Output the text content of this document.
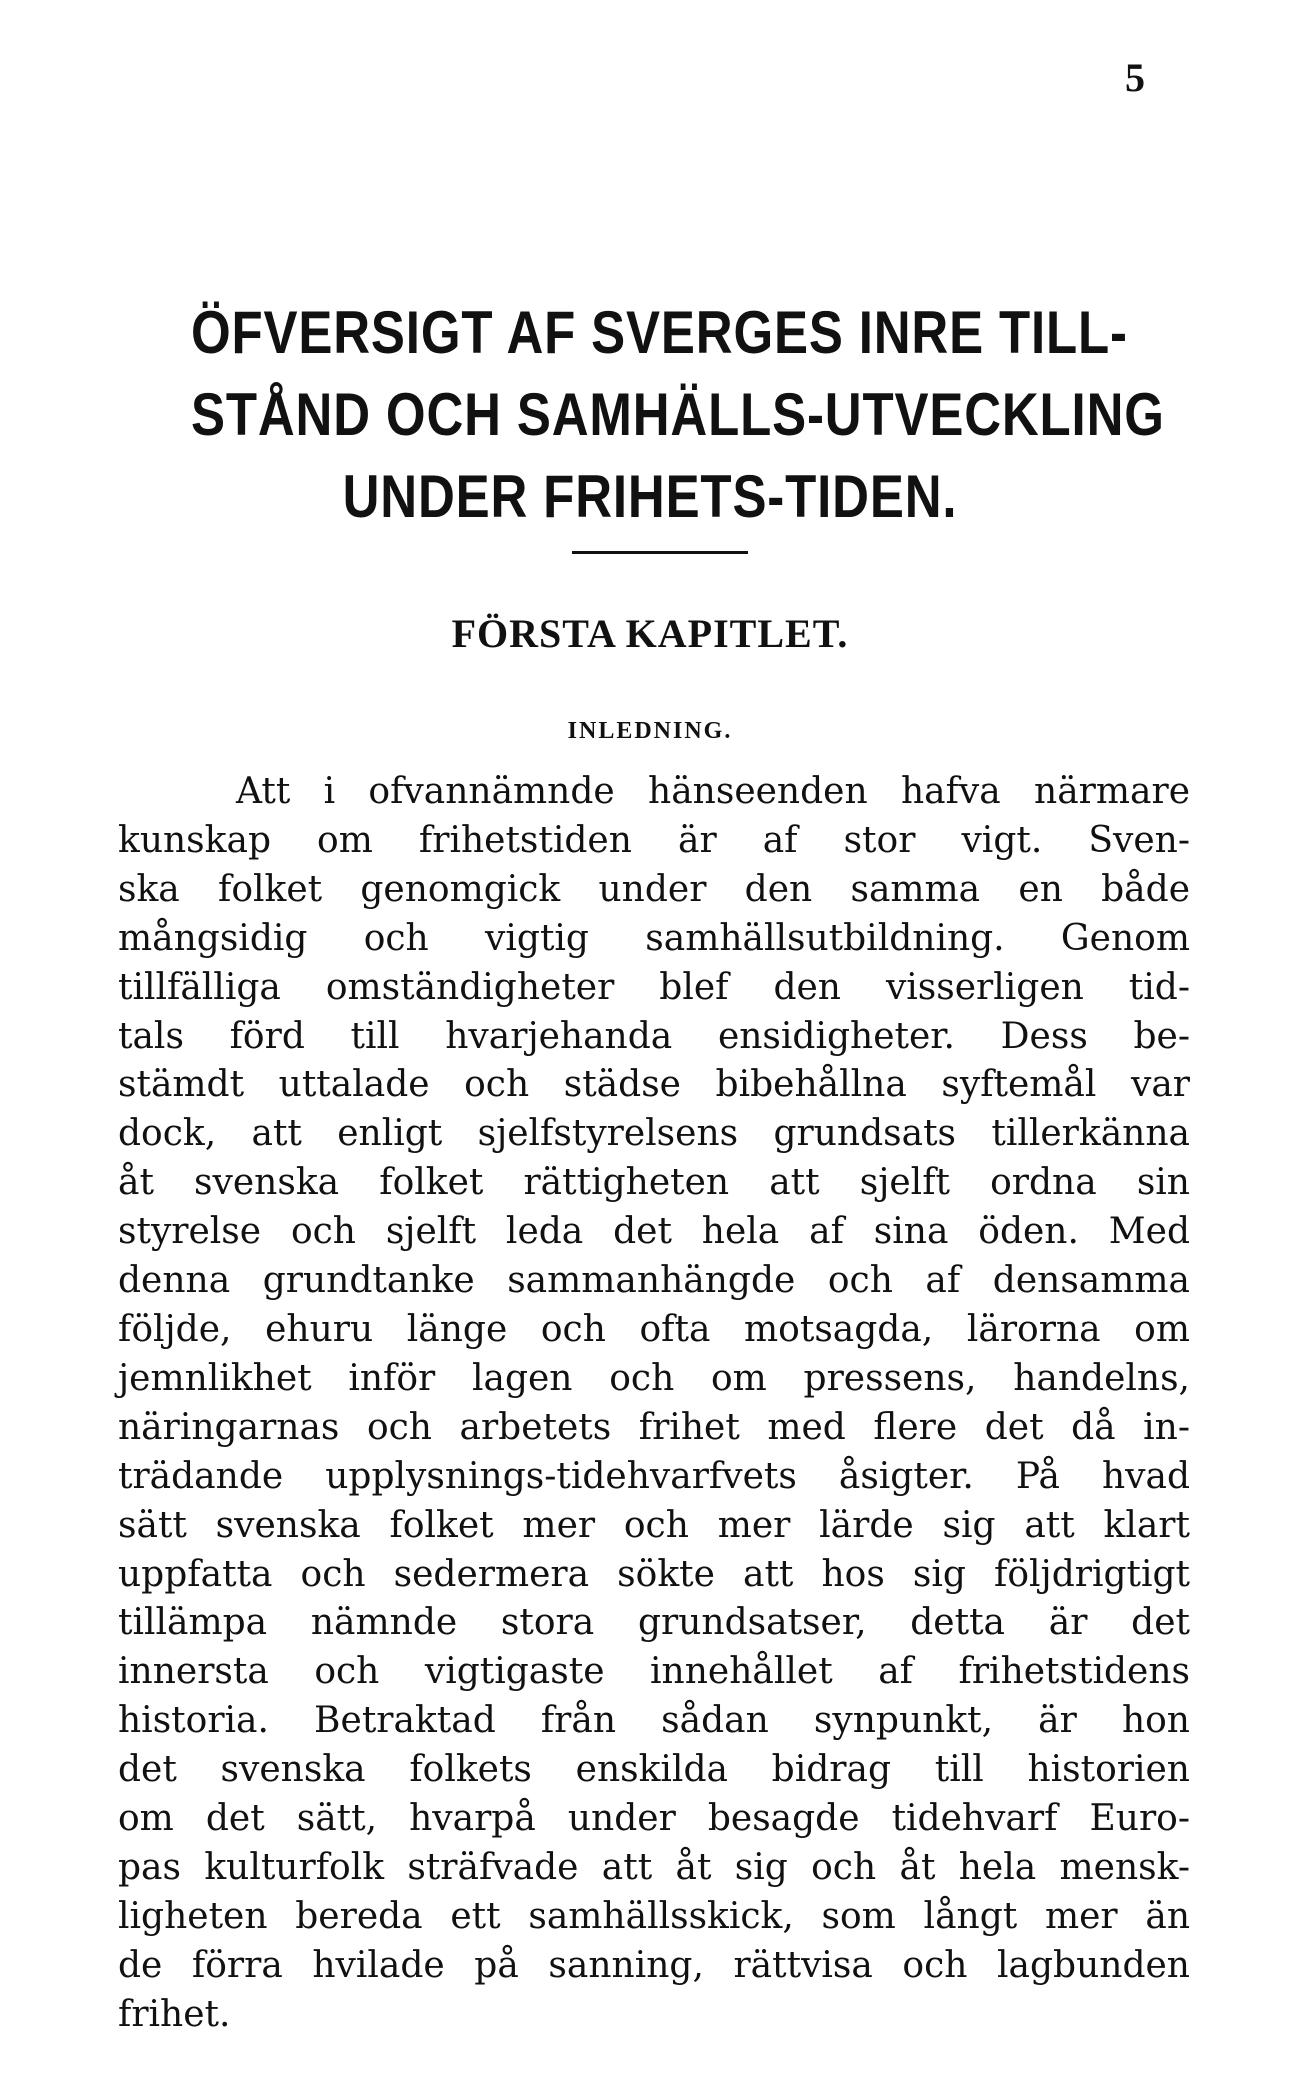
5
ÖFVERSIGT AF SVERGES INRE TILL-
STÅND OCH SAMHÄLLS-UTVECKLING
UNDER FRIHETS-TIDEN.
FÖRSTA KAPITLET.
INLEDNING.
Att i ofvannämnde hänseenden hafva närmare
kunskap om frihetstiden är af stor vigt. Sven-
ska folket genomgick under den samma en både
mångsidig och vigtig samhällsutbildning. Genom
tillfälliga omständigheter blef den visserligen tid-
tals förd till hvarjehanda ensidigheter. Dess be-
stämdt uttalade och städse bibehållna syftemål var
dock, att enligt sjelfstyrelsens grundsats tillerkänna
åt svenska folket rättigheten att sjelft ordna sin
styrelse och sjelft leda det hela af sina öden. Med
denna grundtanke sammanhängde och af densamma
följde, ehuru länge och ofta motsagda, lärorna om
jemnlikhet inför lagen och om pressens, handelns,
näringarnas och arbetets frihet med flere det då in-
trädande upplysnings-tidehvarfvets åsigter. På hvad
sätt svenska folket mer och mer lärde sig att klart
uppfatta och sedermera sökte att hos sig följdrigtigt
tillämpa nämnde stora grundsatser, detta är det
innersta och vigtigaste innehållet af frihetstidens
historia. Betraktad från sådan synpunkt, är hon
det svenska folkets enskilda bidrag till historien
om det sätt, hvarpå under besagde tidehvarf Euro-
pas kulturfolk sträfvade att åt sig och åt hela mensk-
ligheten bereda ett samhällsskick, som långt mer än
de förra hvilade på sanning, rättvisa och lagbunden
frihet.
